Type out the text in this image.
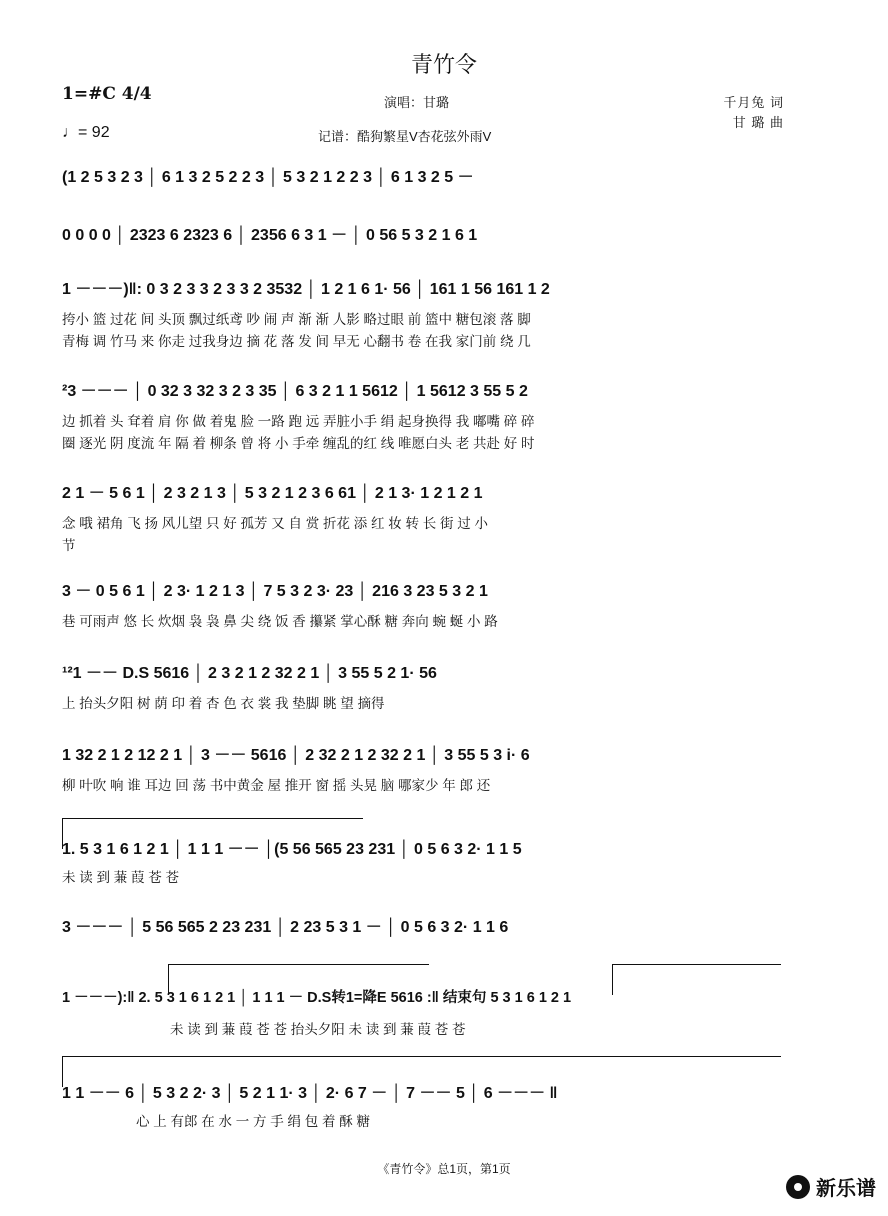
青竹令
1=#C 4/4
♩= 92
演唱：甘璐
记谱：酷狗繁星V杏花弦外雨V
千月兔 词
甘 璐 曲
(1 2 5 3 2 3 │ 6 1 3 2 5 2 2 3 │ 5 3 2 1 2 2 3 │ 6 1 3 2 5 －
0 0 0 0 │ 2323 6 2323 6 │ 2356 6 3 1 － │ 0 56 5 3 2 1 6 1
1 －－－)‖: 0 3 2 3 3 2 3 3 2 3532 │ 1 2 1 6 1· 56 │ 161 1 56 161 1 2
挎小 篮 过花 间 头顶 飘过纸鸢 吵 闹 声 渐 渐 人影 略过眼 前 篮中 糖包滚 落 脚
青梅 调 竹马 来 你走 过我身边 摘 花 落 发 间 早无 心翻书 卷 在我 家门前 绕 几
²3 －－－ │ 0 32 3 32 3 2 3 35 │ 6 3 2 1 1 5612 │ 1 5612 3 55 5 2
边 抓着 头 耷着 肩 你 做 着鬼 脸 一路 跑 远 弄脏小手 绢 起身换得 我 嘟嘴 碎 碎
圈 逐光 阴 度流 年 隔 着 柳条 曾 将 小 手牵 缠乱的红 线 唯愿白头 老 共赴 好 时
2 1 － 5 6 1 │ 2 3 2 1 3 │ 5 3 2 1 2 3 6 61 │ 2 1 3· 1 2 1 2 1
念 哦 裙角 飞 扬 风儿望 只 好 孤芳 又 自 赏 折花 添 红 妆 转 长 街 过 小
节
3 － 0 5 6 1 │ 2 3· 1 2 1 3 │ 7 5 3 2 3· 23 │ 216 3 23 5 3 2 1
巷 可雨声 悠 长 炊烟 袅 袅 鼻 尖 绕 饭 香 攥紧 掌心酥 糖 奔向 蜿 蜒 小 路
¹²1 －－ D.S 5616 │ 2 3 2 1 2 32 2 1 │ 3 55 5 2 1· 56
上 抬头夕阳 树 荫 印 着 杏 色 衣 裳 我 垫脚 眺 望 摘得
1 32 2 1 2 12 2 1 │ 3 －－ 5616 │ 2 32 2 1 2 32 2 1 │ 3 55 5 3 i· 6
柳 叶吹 响 谁 耳边 回 荡 书中黄金 屋 推开 窗 摇 头晃 脑 哪家少 年 郎 还
1. 5 3 1 6 1 2 1 │ 1 1 1 －－ │(5 56 565 23 231 │ 0 5 6 3 2· 1 1 5
未 读 到 蒹 葭 苍 苍
3 －－－ │ 5 56 565 2 23 231 │ 2 23 5 3 1 － │ 0 5 6 3 2· 1 1 6
1 －－－):‖ 2. 5 3 1 6 1 2 1 │ 1 1 1 － D.S转1=降E 5616 :‖ 结束句 5 3 1 6 1 2 1
未 读 到 蒹 葭 苍 苍 抬头夕阳 未 读 到 蒹 葭 苍 苍
1 1 －－ 6 │ 5 3 2 2· 3 │ 5 2 1 1· 3 │ 2· 6 7 － │ 7 －－ 5 │ 6 －－－ ‖
心 上 有郎 在 水 一 方 手 绢 包 着 酥 糖
《青竹令》总1页，第1页
新乐谱
